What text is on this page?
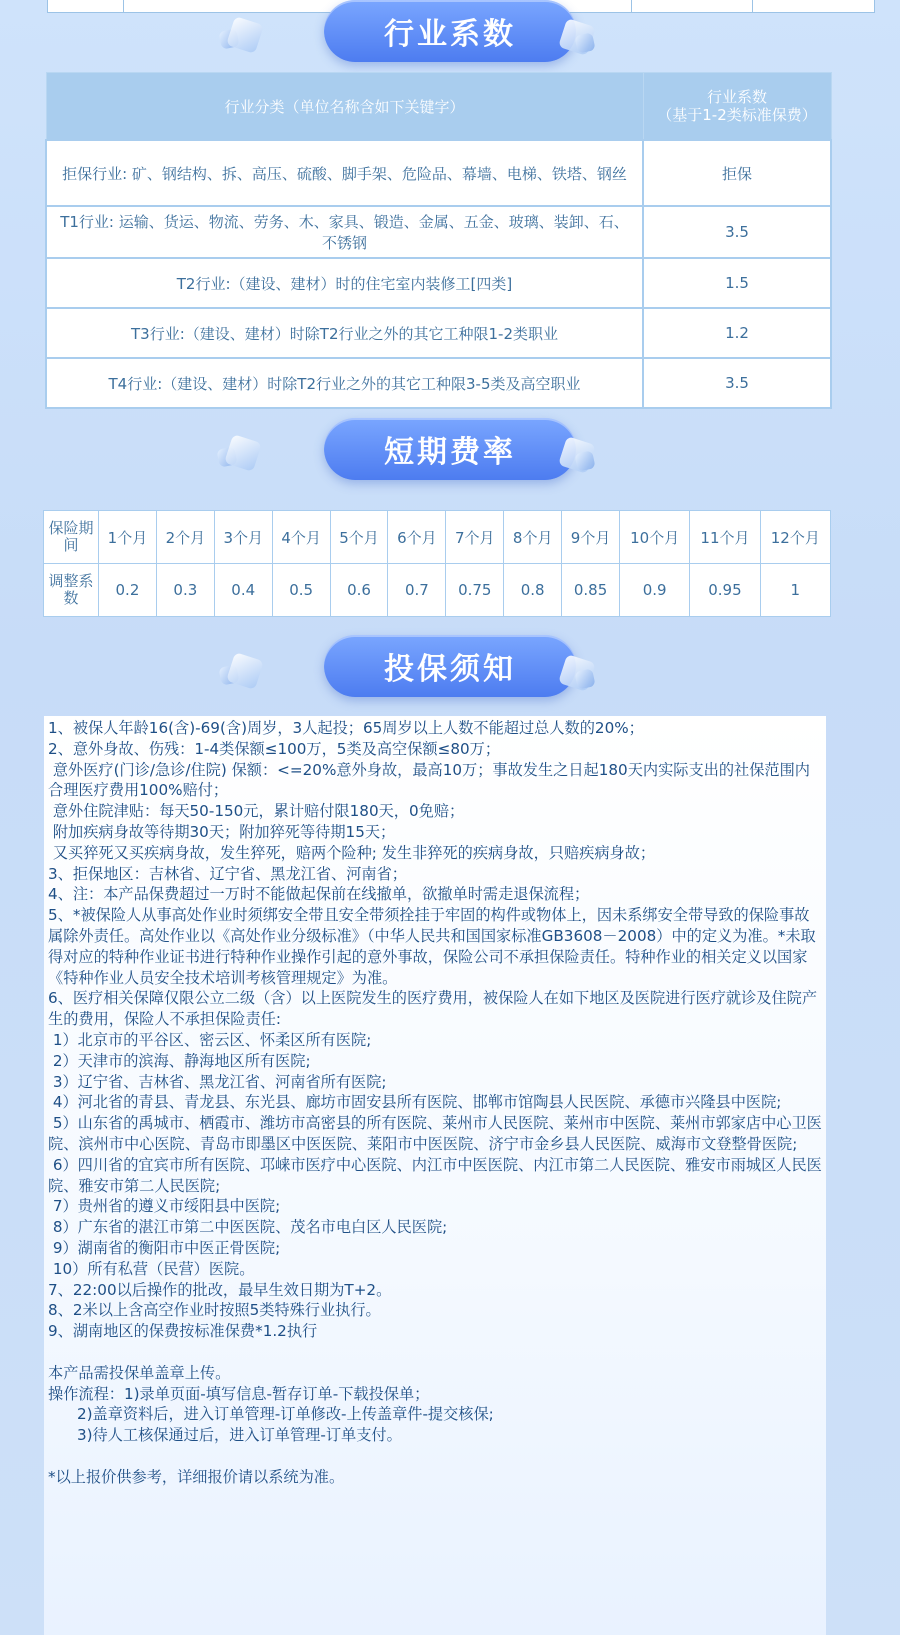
行业系数
行业分类（单位名称含如下关键字）	行业系数
（基于1-2类标准保费）
拒保行业: 矿、钢结构、拆、高压、硫酸、脚手架、危险品、幕墙、电梯、铁塔、钢丝	拒保
T1行业: 运输、货运、物流、劳务、木、家具、锻造、金属、五金、玻璃、装卸、石、不锈钢	3.5
T2行业:（建设、建材）时的住宅室内装修工[四类]	1.5
T3行业:（建设、建材）时除T2行业之外的其它工种限1-2类职业	1.2
T4行业:（建设、建材）时除T2行业之外的其它工种限3-5类及高空职业	3.5
短期费率
保险期间	1个月	2个月	3个月	4个月	5个月	6个月	7个月	8个月	9个月	10个月	11个月	12个月
调整系数	0.2	0.3	0.4	0.5	0.6	0.7	0.75	0.8	0.85	0.9	0.95	1
投保须知

1、被保人年龄16(含)-69(含)周岁，3人起投；65周岁以上人数不能超过总人数的20%；

2、意外身故、伤残：1-4类保额≤100万，5类及高空保额≤80万；

意外医疗(门诊/急诊/住院) 保额：<=20%意外身故，最高10万；事故发生之日起180天内实际支出的社保范围内合理医疗费用100%赔付；

意外住院津贴：每天50-150元，累计赔付限180天，0免赔；

附加疾病身故等待期30天；附加猝死等待期15天；

又买猝死又买疾病身故，发生猝死，赔两个险种; 发生非猝死的疾病身故，只赔疾病身故；

3、拒保地区：吉林省、辽宁省、黑龙江省、河南省；

4、注：本产品保费超过一万时不能做起保前在线撤单，欲撤单时需走退保流程；

5、*被保险人从事高处作业时须绑安全带且安全带须拴挂于牢固的构件或物体上，因未系绑安全带导致的保险事故属除外责任。高处作业以《高处作业分级标准》（中华人民共和国国家标准GB3608－2008）中的定义为准。*未取得对应的特种作业证书进行特种作业操作引起的意外事故，保险公司不承担保险责任。特种作业的相关定义以国家《特种作业人员安全技术培训考核管理规定》为准。

6、医疗相关保障仅限公立二级（含）以上医院发生的医疗费用，被保险人在如下地区及医院进行医疗就诊及住院产生的费用，保险人不承担保险责任:

1）北京市的平谷区、密云区、怀柔区所有医院;

2）天津市的滨海、静海地区所有医院;

3）辽宁省、吉林省、黑龙江省、河南省所有医院;

4）河北省的青县、青龙县、东光县、廊坊市固安县所有医院、邯郸市馆陶县人民医院、承德市兴隆县中医院;

5）山东省的禹城市、栖霞市、潍坊市高密县的所有医院、莱州市人民医院、莱州市中医院、莱州市郭家店中心卫医院、滨州市中心医院、青岛市即墨区中医医院、莱阳市中医医院、济宁市金乡县人民医院、威海市文登整骨医院;

6）四川省的宜宾市所有医院、邛崃市医疗中心医院、内江市中医医院、内江市第二人民医院、雅安市雨城区人民医院、雅安市第二人民医院;

7）贵州省的遵义市绥阳县中医院;

8）广东省的湛江市第二中医医院、茂名市电白区人民医院;

9）湖南省的衡阳市中医正骨医院;

10）所有私营（民营）医院。

7、22:00以后操作的批改，最早生效日期为T+2。

8、2米以上含高空作业时按照5类特殊行业执行。

9、湖南地区的保费按标准保费*1.2执行

本产品需投保单盖章上传。

操作流程：1)录单页面-填写信息-暂存订单-下载投保单；

2)盖章资料后，进入订单管理-订单修改-上传盖章件-提交核保;

3)待人工核保通过后，进入订单管理-订单支付。

*以上报价供参考，详细报价请以系统为准。
